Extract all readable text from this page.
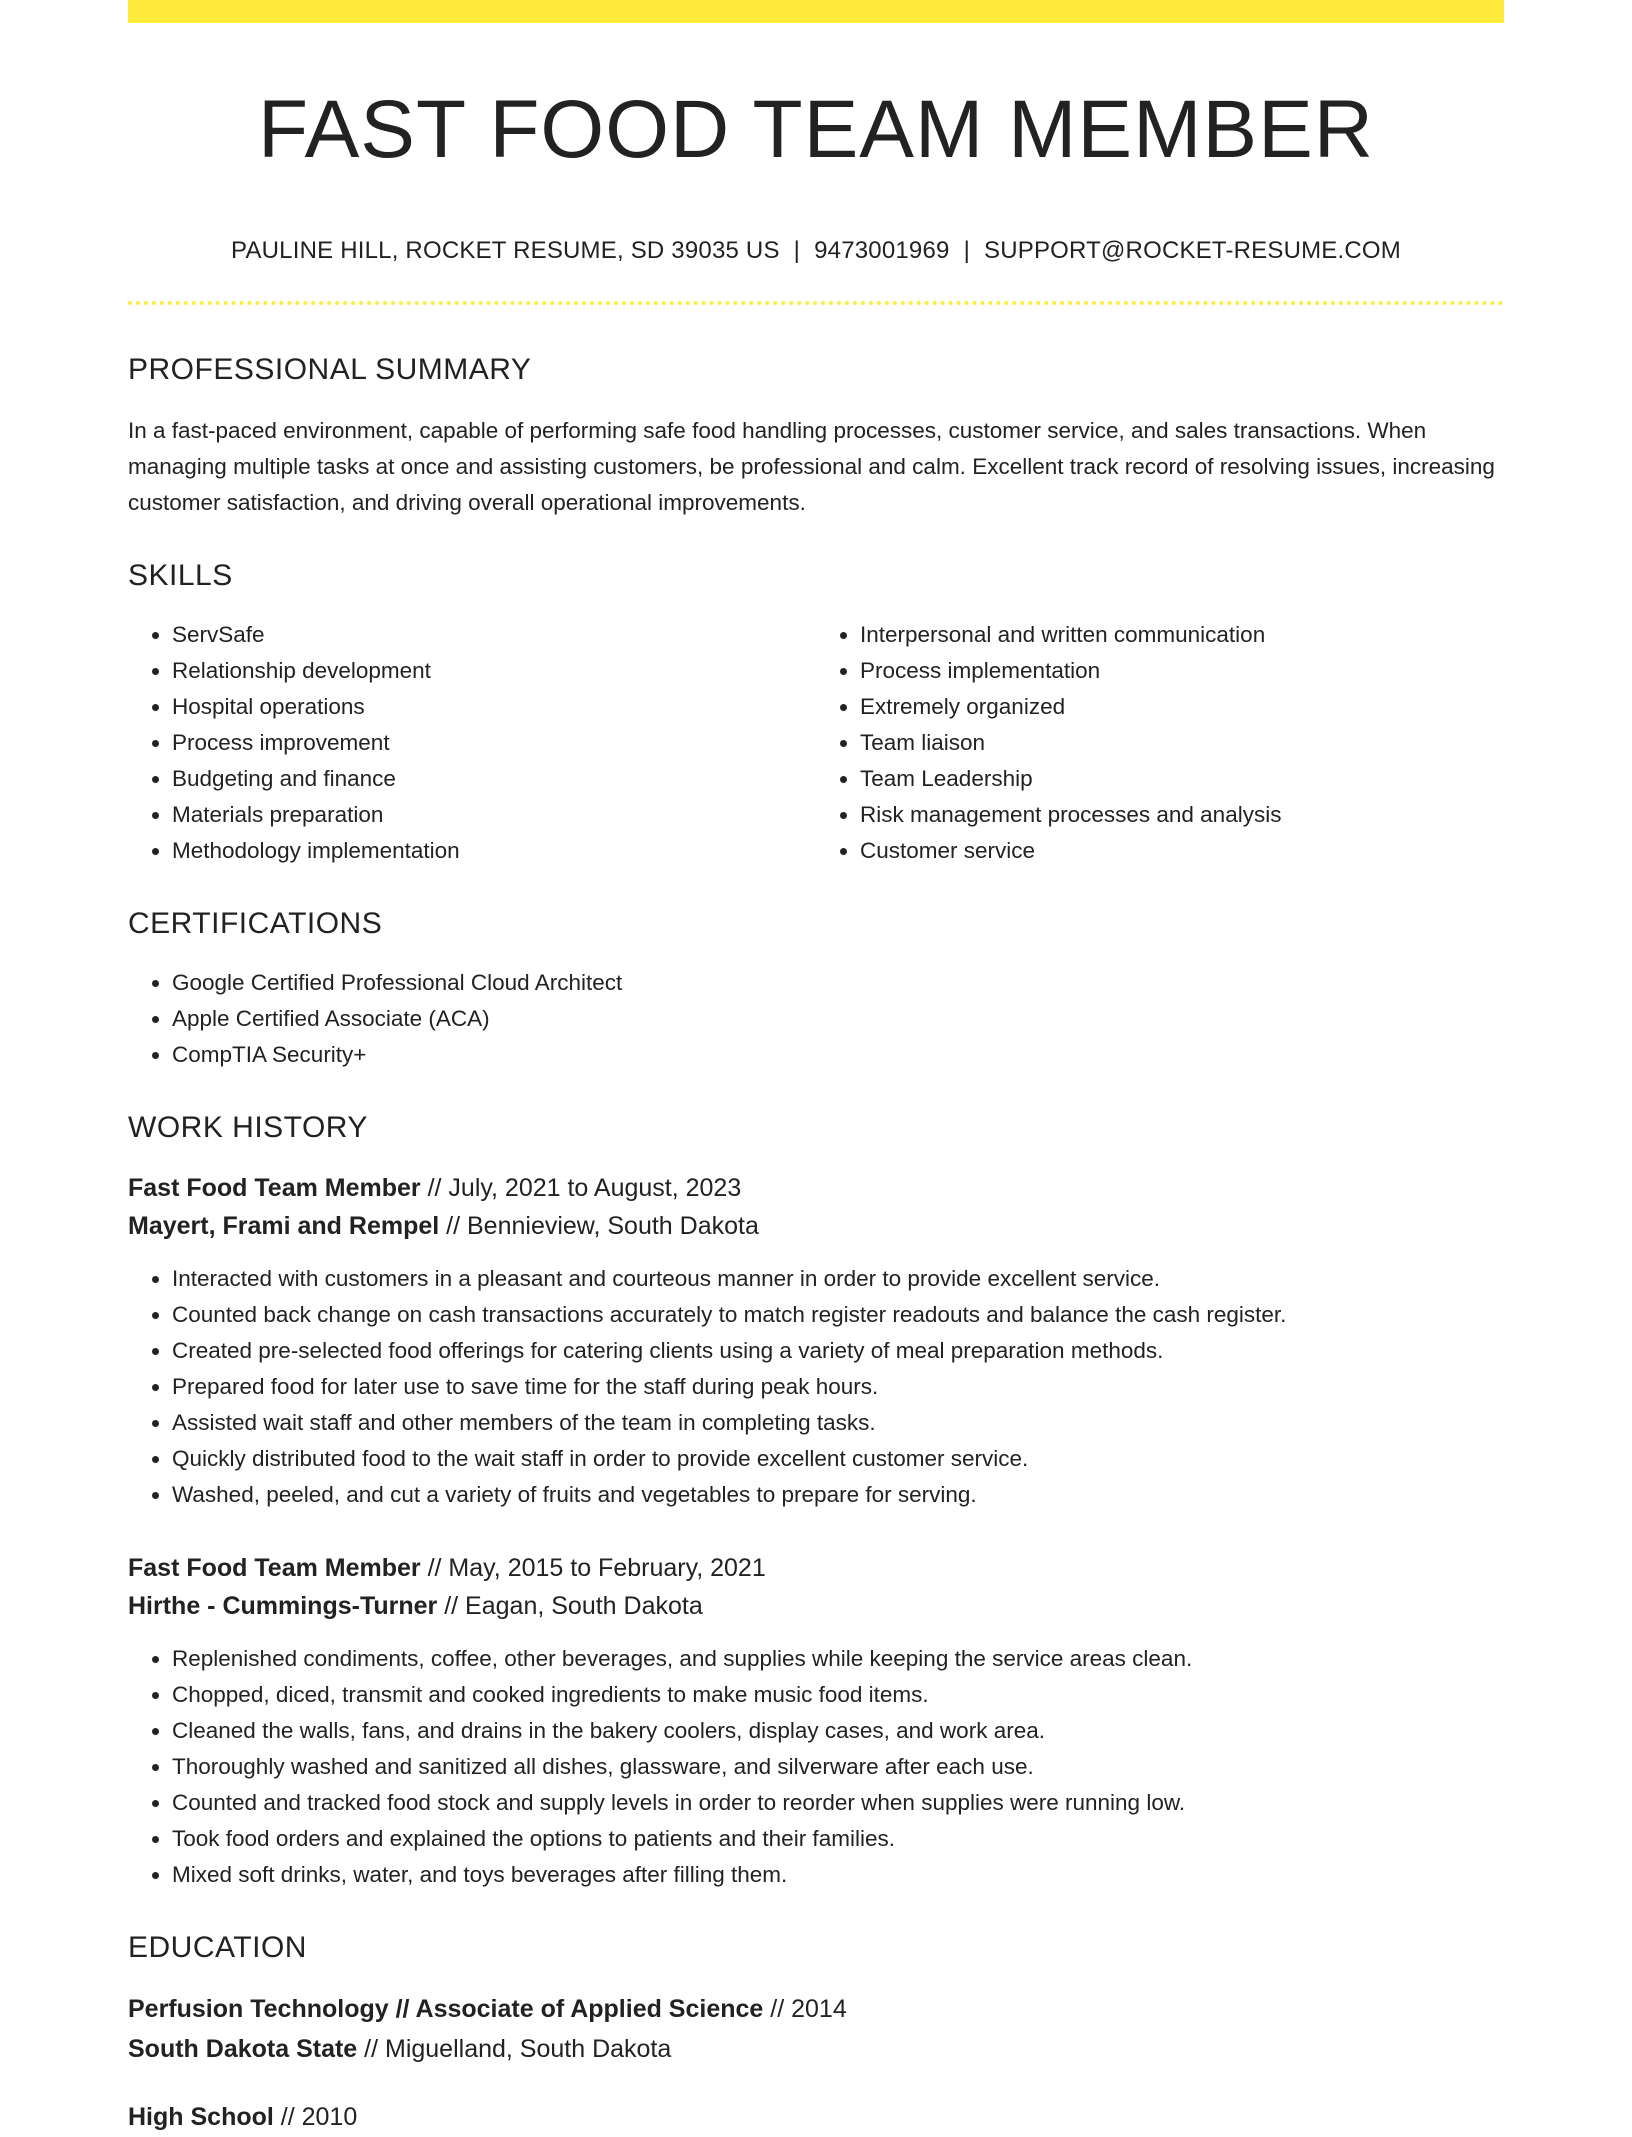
FAST FOOD TEAM MEMBER
PAULINE HILL, ROCKET RESUME, SD 39035 US | 9473001969 | SUPPORT@ROCKET-RESUME.COM
PROFESSIONAL SUMMARY
In a fast-paced environment, capable of performing safe food handling processes, customer service, and sales transactions. When managing multiple tasks at once and assisting customers, be professional and calm. Excellent track record of resolving issues, increasing customer satisfaction, and driving overall operational improvements.
SKILLS
• ServSafe
• Relationship development
• Hospital operations
• Process improvement
• Budgeting and finance
• Materials preparation
• Methodology implementation
• Interpersonal and written communication
• Process implementation
• Extremely organized
• Team liaison
• Team Leadership
• Risk management processes and analysis
• Customer service
CERTIFICATIONS
• Google Certified Professional Cloud Architect
• Apple Certified Associate (ACA)
• CompTIA Security+
WORK HISTORY
Fast Food Team Member // July, 2021 to August, 2023
Mayert, Frami and Rempel // Bennieview, South Dakota
• Interacted with customers in a pleasant and courteous manner in order to provide excellent service.
• Counted back change on cash transactions accurately to match register readouts and balance the cash register.
• Created pre-selected food offerings for catering clients using a variety of meal preparation methods.
• Prepared food for later use to save time for the staff during peak hours.
• Assisted wait staff and other members of the team in completing tasks.
• Quickly distributed food to the wait staff in order to provide excellent customer service.
• Washed, peeled, and cut a variety of fruits and vegetables to prepare for serving.
Fast Food Team Member // May, 2015 to February, 2021
Hirthe - Cummings-Turner // Eagan, South Dakota
• Replenished condiments, coffee, other beverages, and supplies while keeping the service areas clean.
• Chopped, diced, transmit and cooked ingredients to make music food items.
• Cleaned the walls, fans, and drains in the bakery coolers, display cases, and work area.
• Thoroughly washed and sanitized all dishes, glassware, and silverware after each use.
• Counted and tracked food stock and supply levels in order to reorder when supplies were running low.
• Took food orders and explained the options to patients and their families.
• Mixed soft drinks, water, and toys beverages after filling them.
EDUCATION
Perfusion Technology // Associate of Applied Science // 2014
South Dakota State // Miguelland, South Dakota
High School // 2010
